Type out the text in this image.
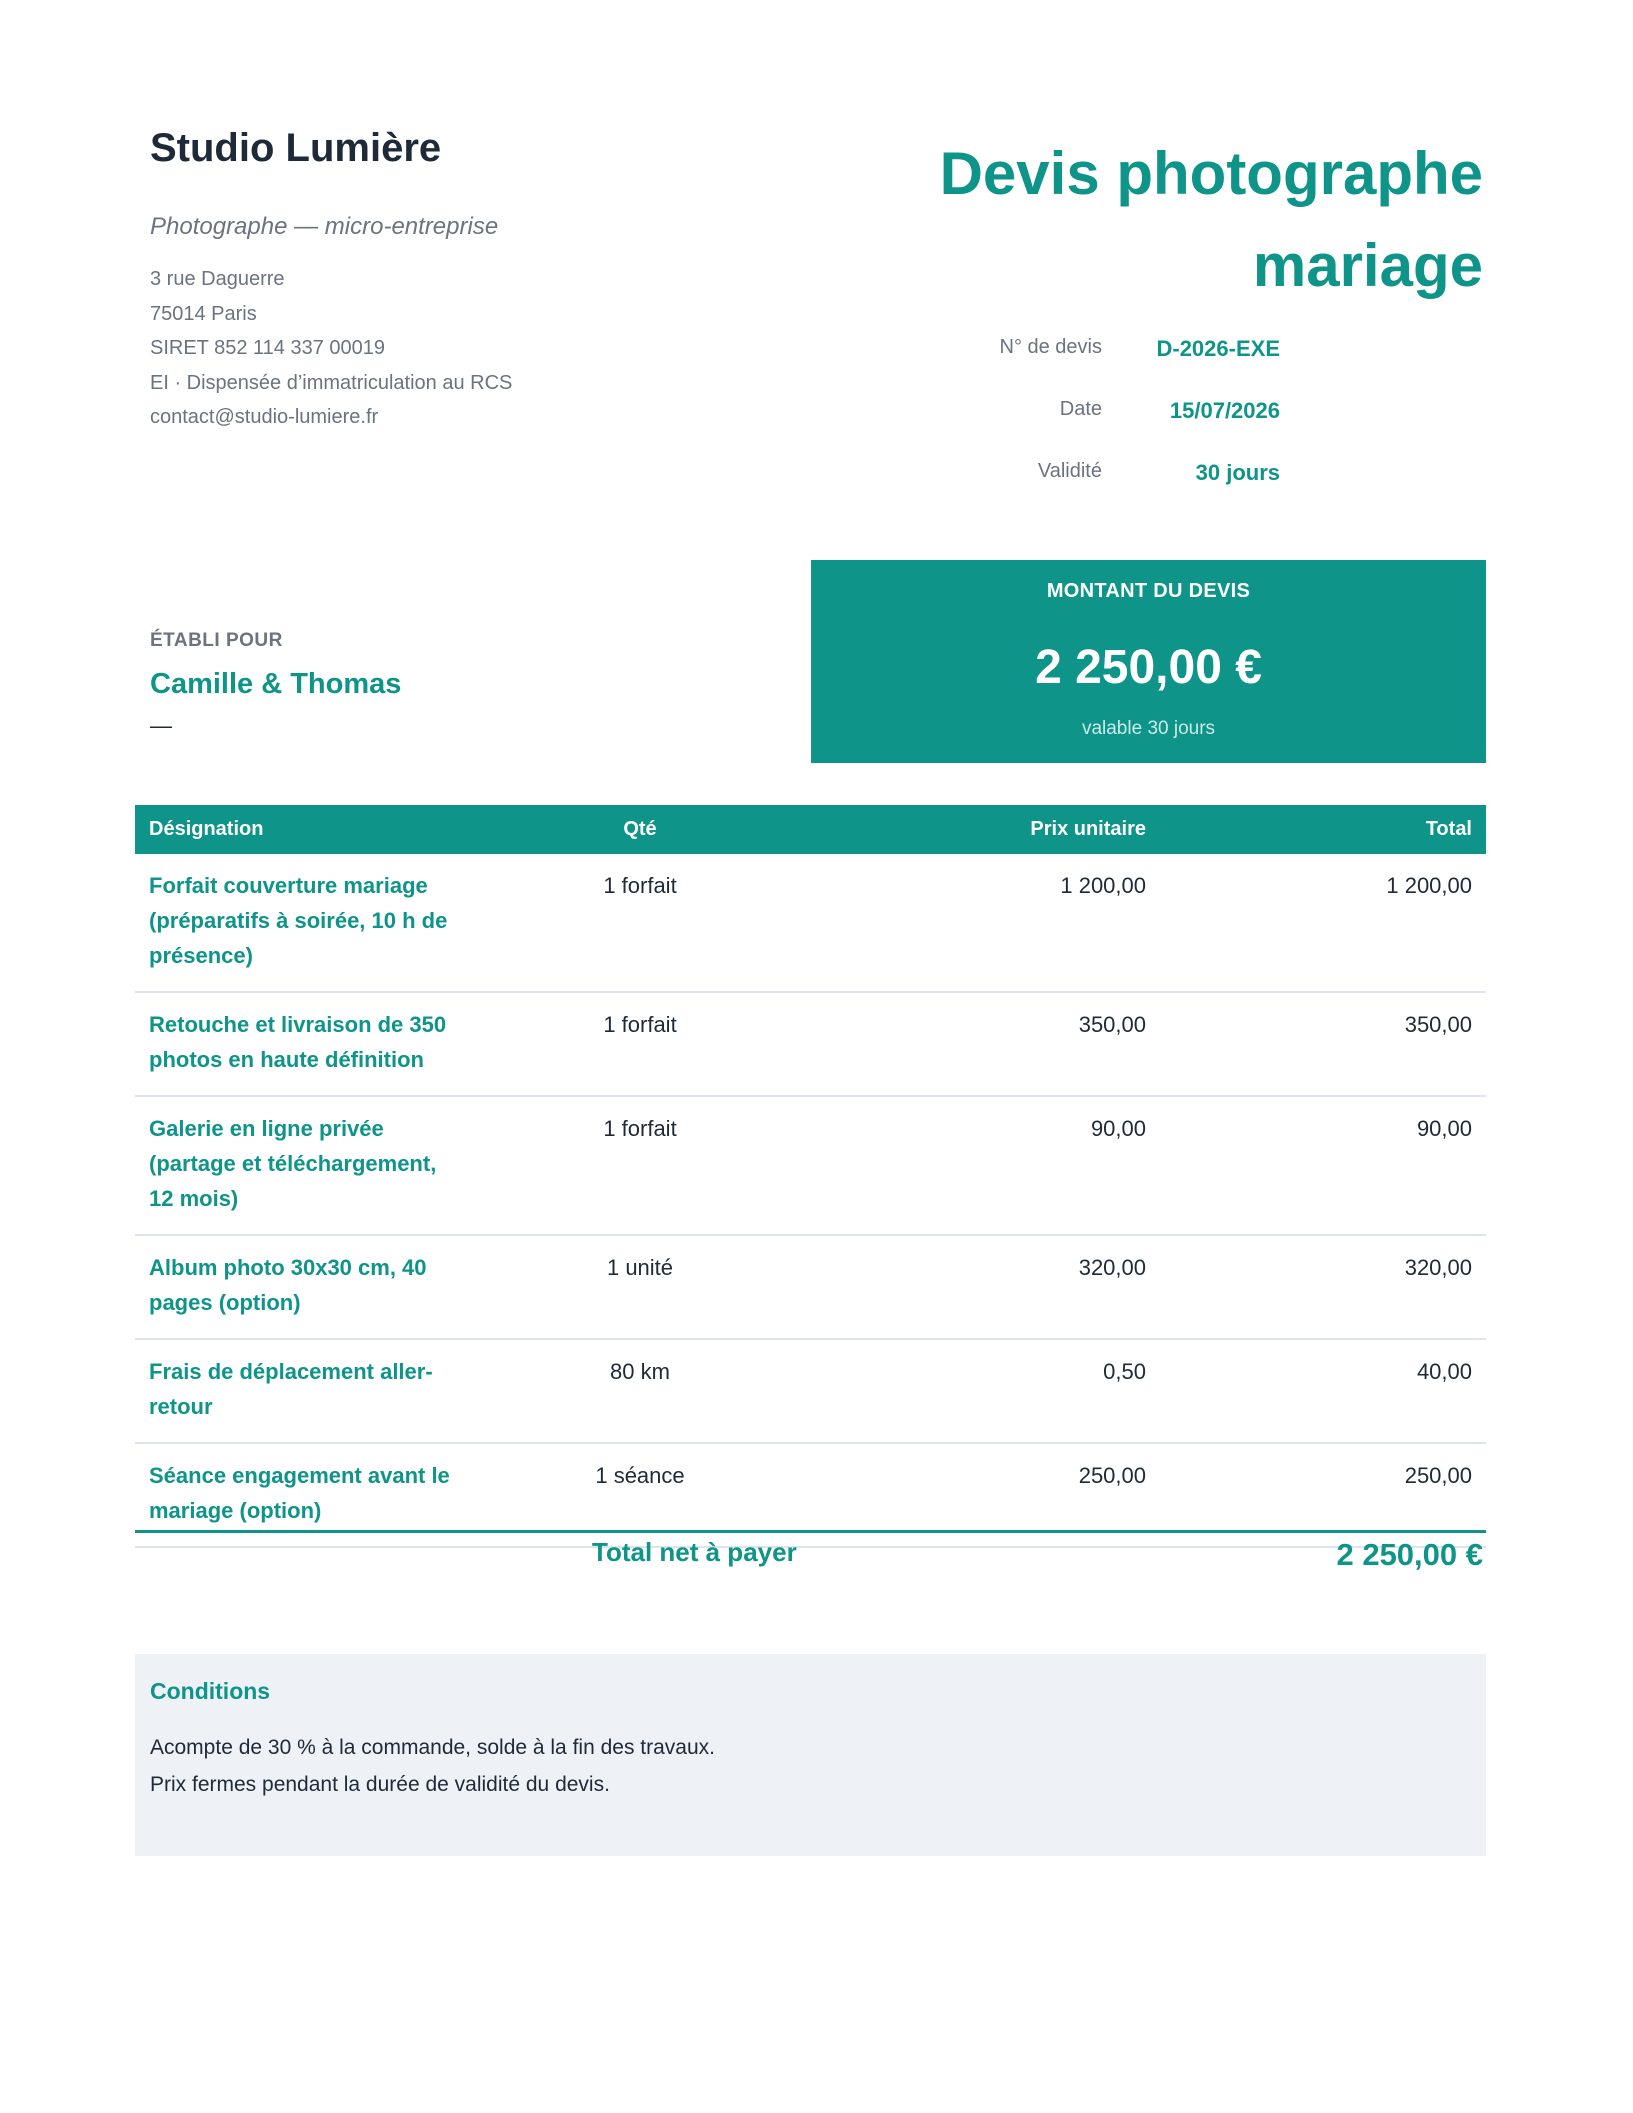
Studio Lumière
Photographe — micro-entreprise
3 rue Daguerre
75014 Paris
SIRET 852 114 337 00019
EI · Dispensée d’immatriculation au RCS
contact@studio-lumiere.fr
Devis photographe
mariage
N° de devis D-2026-EXE
Date	15/07/2026
Validité	30 jours
ÉTABLI POUR
Camille & Thomas
—
MONTANT DU DEVIS
2 250,00 €
valable 30 jours
Désignation	Qté	Prix unitaire	Total
Forfait couverture mariage (préparatifs à soirée, 10 h de présence)	1 forfait	1 200,00	1 200,00
Retouche et livraison de 350 photos en haute définition	1 forfait	350,00	350,00
Galerie en ligne privée (partage et téléchargement, 12 mois)	1 forfait	90,00	90,00
Album photo 30x30 cm, 40 pages (option)	1 unité	320,00	320,00
Frais de déplacement aller-retour	80 km	0,50	40,00
Séance engagement avant le mariage (option)	1 séance	250,00	250,00
Total net à payer	2 250,00 €
Conditions
Acompte de 30 % à la commande, solde à la fin des travaux.
Prix fermes pendant la durée de validité du devis.
